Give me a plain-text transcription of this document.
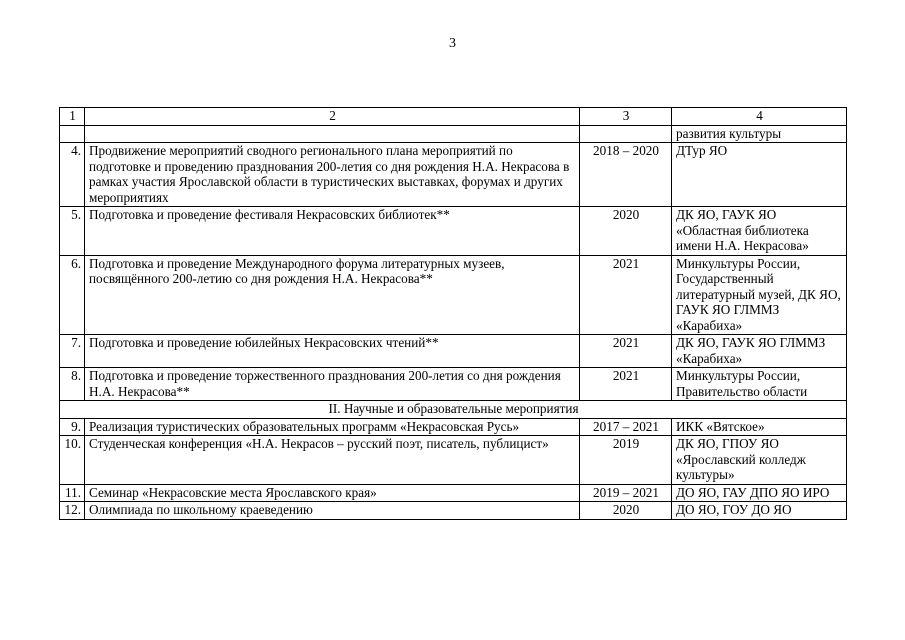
3
1	2	3	4
			развития культуры
4.	Продвижение мероприятий сводного регионального плана мероприятий по подготовке и проведению празднования 200-летия со дня рождения Н.А. Некрасова в рамках участия Ярославской области в туристических выставках, форумах и других мероприятиях	2018 – 2020	ДТур ЯО
5.	Подготовка и проведение фестиваля Некрасовских библиотек**	2020	ДК ЯО, ГАУК ЯО «Областная библиотека имени Н.А. Некрасова»
6.	Подготовка и проведение Международного форума литературных музеев, посвящённого 200-летию со дня рождения Н.А. Некрасова**	2021	Минкультуры России, Государственный литературный музей, ДК ЯО, ГАУК ЯО ГЛММЗ «Карабиха»
7.	Подготовка и проведение юбилейных Некрасовских чтений**	2021	ДК ЯО, ГАУК ЯО ГЛММЗ «Карабиха»
8.	Подготовка и проведение торжественного празднования 200-летия со дня рождения Н.А. Некрасова**	2021	Минкультуры России, Правительство области
II. Научные и образовательные мероприятия			
9.	Реализация туристических образовательных программ «Некрасовская Русь»	2017 – 2021	ИКК «Вятское»
10.	Студенческая конференция «Н.А. Некрасов – русский поэт, писатель, публицист»	2019	ДК ЯО, ГПОУ ЯО «Ярославский колледж культуры»
11.	Семинар «Некрасовские места Ярославского края»	2019 – 2021	ДО ЯО, ГАУ ДПО ЯО ИРО
12.	Олимпиада по школьному краеведению	2020	ДО ЯО, ГОУ ДО ЯО
